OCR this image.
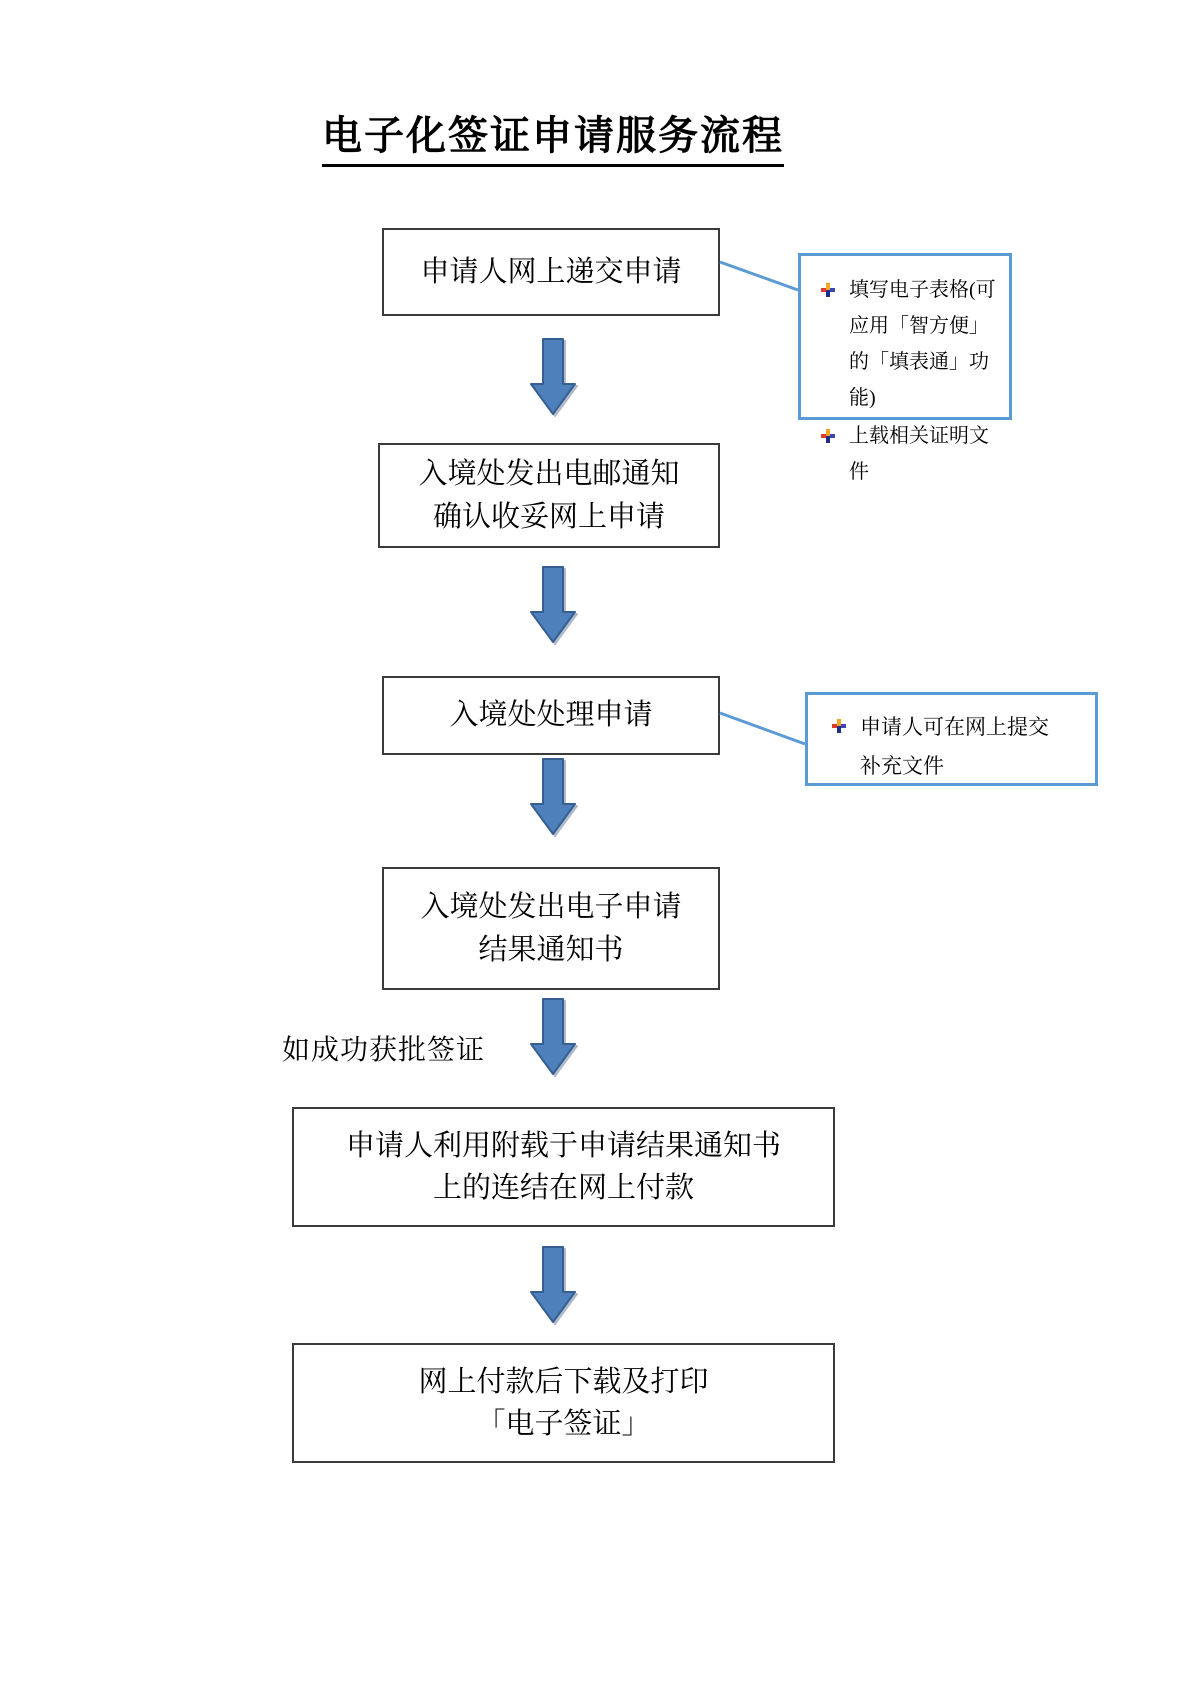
电子化签证申请服务流程
申请人网上递交申请
填写电子表格(可应用「智方便」的「填表通」功能)
上载相关证明文件
入境处发出电邮通知
确认收妥网上申请
入境处处理申请	申请人可在网上提交补充文件
入境处发出电子申请
结果通知书
如成功获批签证
申请人利用附载于申请结果通知书
上的连结在网上付款
网上付款后下载及打印
「电子签证」
